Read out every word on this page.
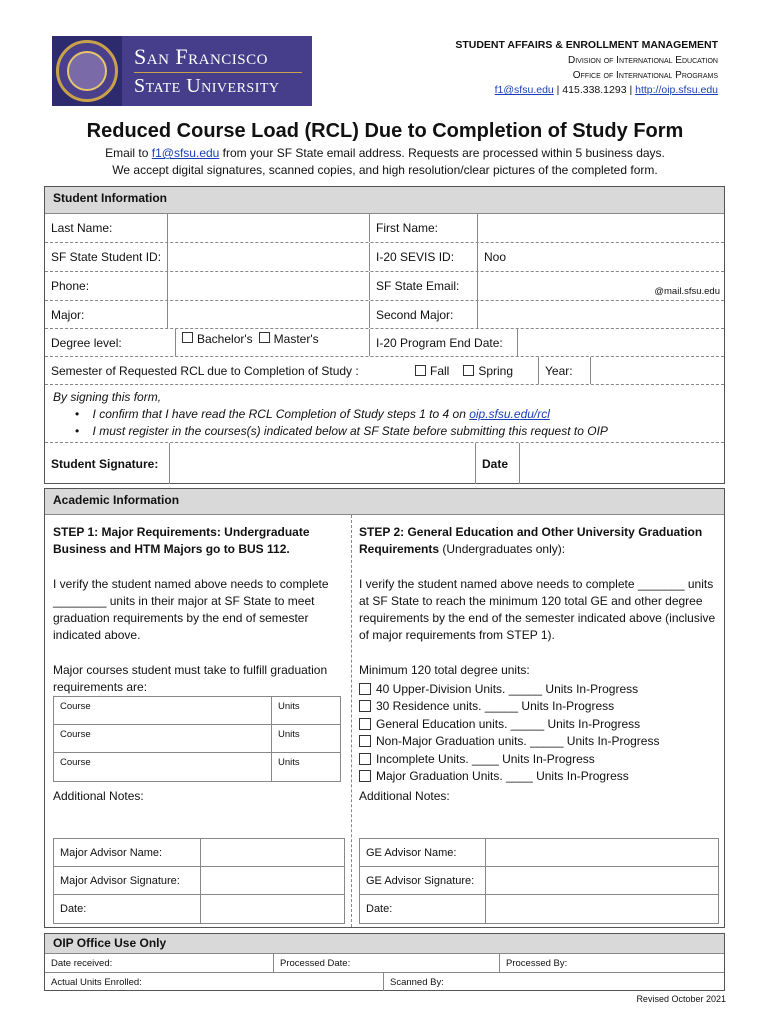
San Francisco
State University
STUDENT AFFAIRS & ENROLLMENT MANAGEMENT
Division of International Education
Office of International Programs
f1@sfsu.edu | 415.338.1293 | http://oip.sfsu.edu
Reduced Course Load (RCL) Due to Completion of Study Form
Email to f1@sfsu.edu from your SF State email address. Requests are processed within 5 business days.
We accept digital signatures, scanned copies, and high resolution/clear pictures of the completed form.
Student Information
Last Name:	First Name:
SF State Student ID:	I-20 SEVIS ID:	Noo
Phone:	SF State Email:	@mail.sfsu.edu
Major:	Second Major:
Degree level:	Bachelor's Master's	I-20 Program End Date:
Semester of Requested RCL due to Completion of Study :	Fall Spring	Year:
By signing this form,
•    I confirm that I have read the RCL Completion of Study steps 1 to 4 on oip.sfsu.edu/rcl
•    I must register in the courses(s) indicated below at SF State before submitting this request to OIP
Student Signature:	Date
Academic Information
STEP 1: Major Requirements: Undergraduate Business and HTM Majors go to BUS 112.
I verify the student named above needs to complete ________ units in their major at SF State to meet graduation requirements by the end of semester indicated above.
Major courses student must take to fulfill graduation requirements are:
Course	Units
Course	Units
Course	Units
Additional Notes:
STEP 2: General Education and Other University Graduation Requirements (Undergraduates only):
I verify the student named above needs to complete _______ units at SF State to reach the minimum 120 total GE and other degree requirements by the end of the semester indicated above (inclusive of major requirements from STEP 1).
Minimum 120 total degree units:
40 Upper-Division Units. _____ Units In-Progress
30 Residence units. _____ Units In-Progress
General Education units. _____ Units In-Progress
Non-Major Graduation units. _____ Units In-Progress
Incomplete Units. ____ Units In-Progress
Major Graduation Units. ____ Units In-Progress
Additional Notes:
Major Advisor Name:
Major Advisor Signature:
Date:
GE Advisor Name:
GE Advisor Signature:
Date:
OIP Office Use Only
Date received:	Processed Date:	Processed By:
Actual Units Enrolled:	Scanned By:
Revised October 2021
